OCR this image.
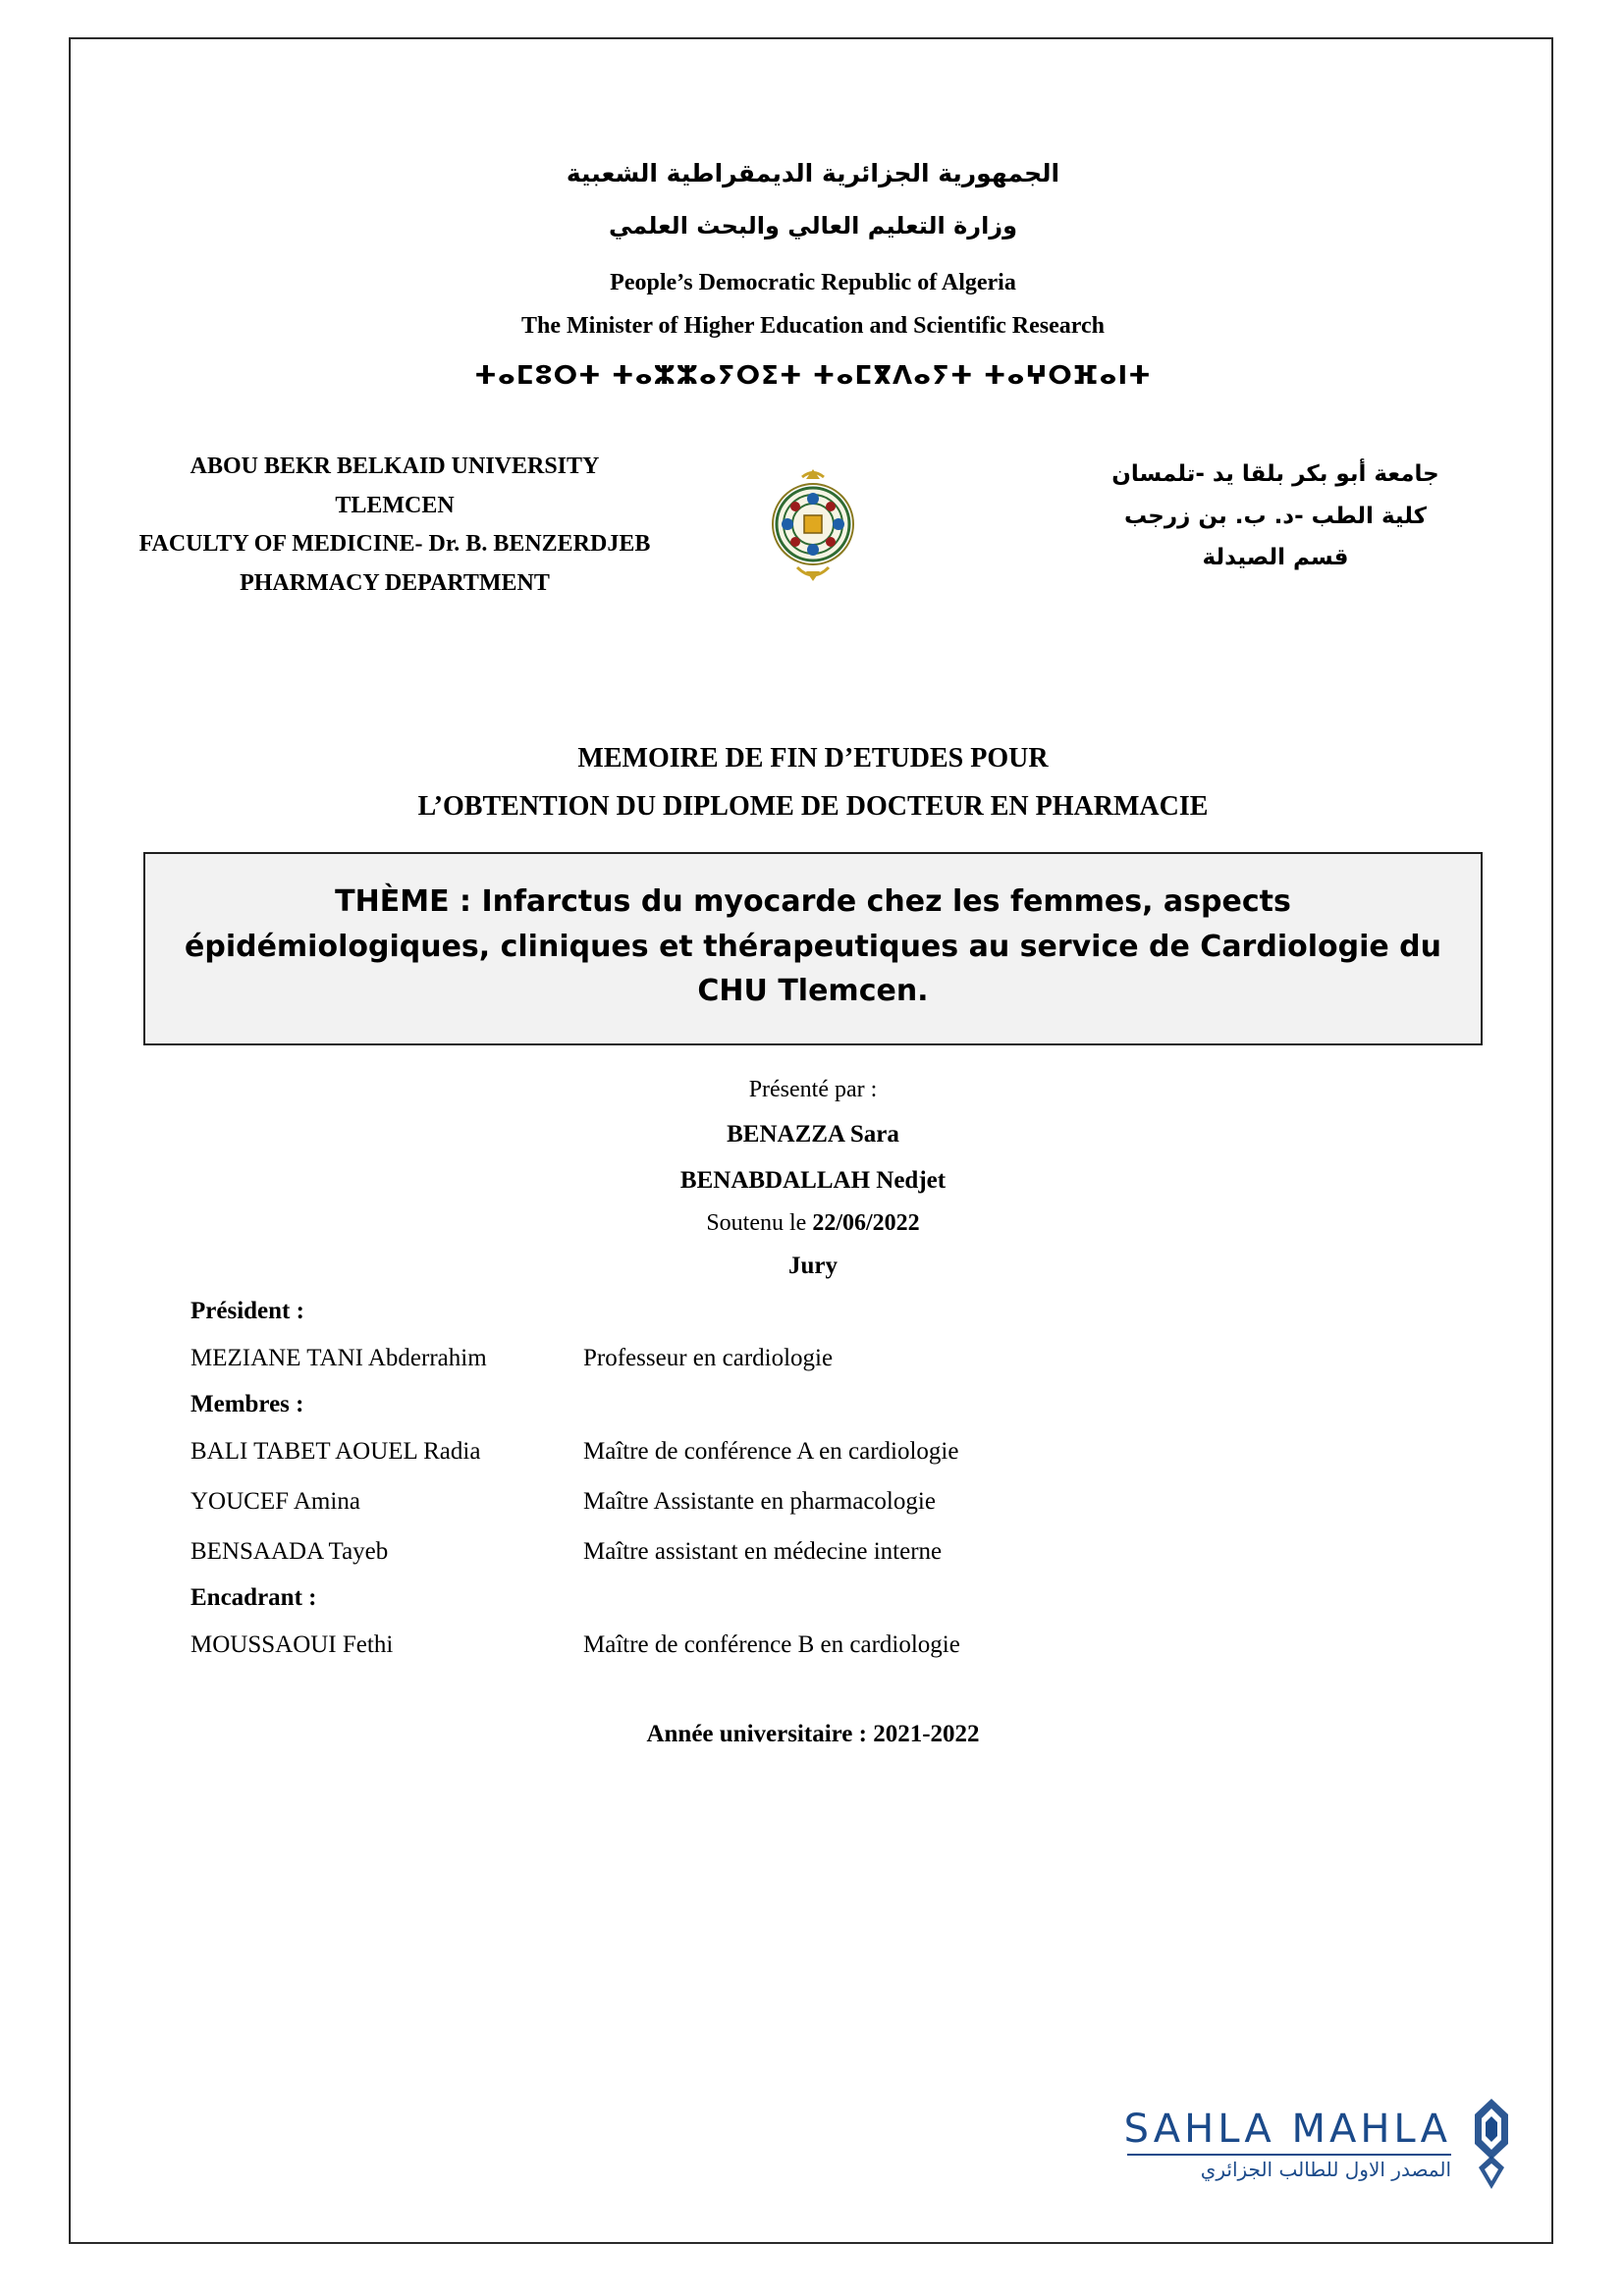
الجمهورية الجزائرية الديمقراطية الشعبية
وزارة التعليم العالي والبحث العلمي
People’s Democratic Republic of Algeria
The Minister of Higher Education and Scientific Research
ⵜⴰⵎⵓⵔⵜ ⵜⴰⵣⵣⴰⵢⵔⵉⵜ ⵜⴰⵎⴳⴷⴰⵢⵜ ⵜⴰⵖⵔⴼⴰⵏⵜ
ABOU BEKR BELKAID UNIVERSITY TLEMCEN
FACULTY OF MEDICINE- Dr. B. BENZERDJEB
PHARMACY DEPARTMENT
جامعة أبو بكر بلقا يد -تلمسان
كلية الطب -د. ب. بن زرجب
قسم الصيدلة
MEMOIRE DE FIN D’ETUDES POUR
L’OBTENTION DU DIPLOME DE DOCTEUR EN PHARMACIE
THÈME : Infarctus du myocarde chez les femmes, aspects épidémiologiques, cliniques et thérapeutiques au service de Cardiologie du CHU Tlemcen.
Présenté par :
BENAZZA Sara
BENABDALLAH Nedjet
Soutenu le 22/06/2022
Jury
Président :
MEZIANE TANI Abderrahim	Professeur en cardiologie
Membres :
BALI TABET AOUEL Radia	Maître de conférence A en cardiologie
YOUCEF Amina	Maître Assistante en pharmacologie
BENSAADA Tayeb	Maître assistant en médecine interne
Encadrant :
MOUSSAOUI Fethi	Maître de conférence B en cardiologie
Année universitaire : 2021-2022
SAHLA MAHLA
المصدر الاول للطالب الجزائري
